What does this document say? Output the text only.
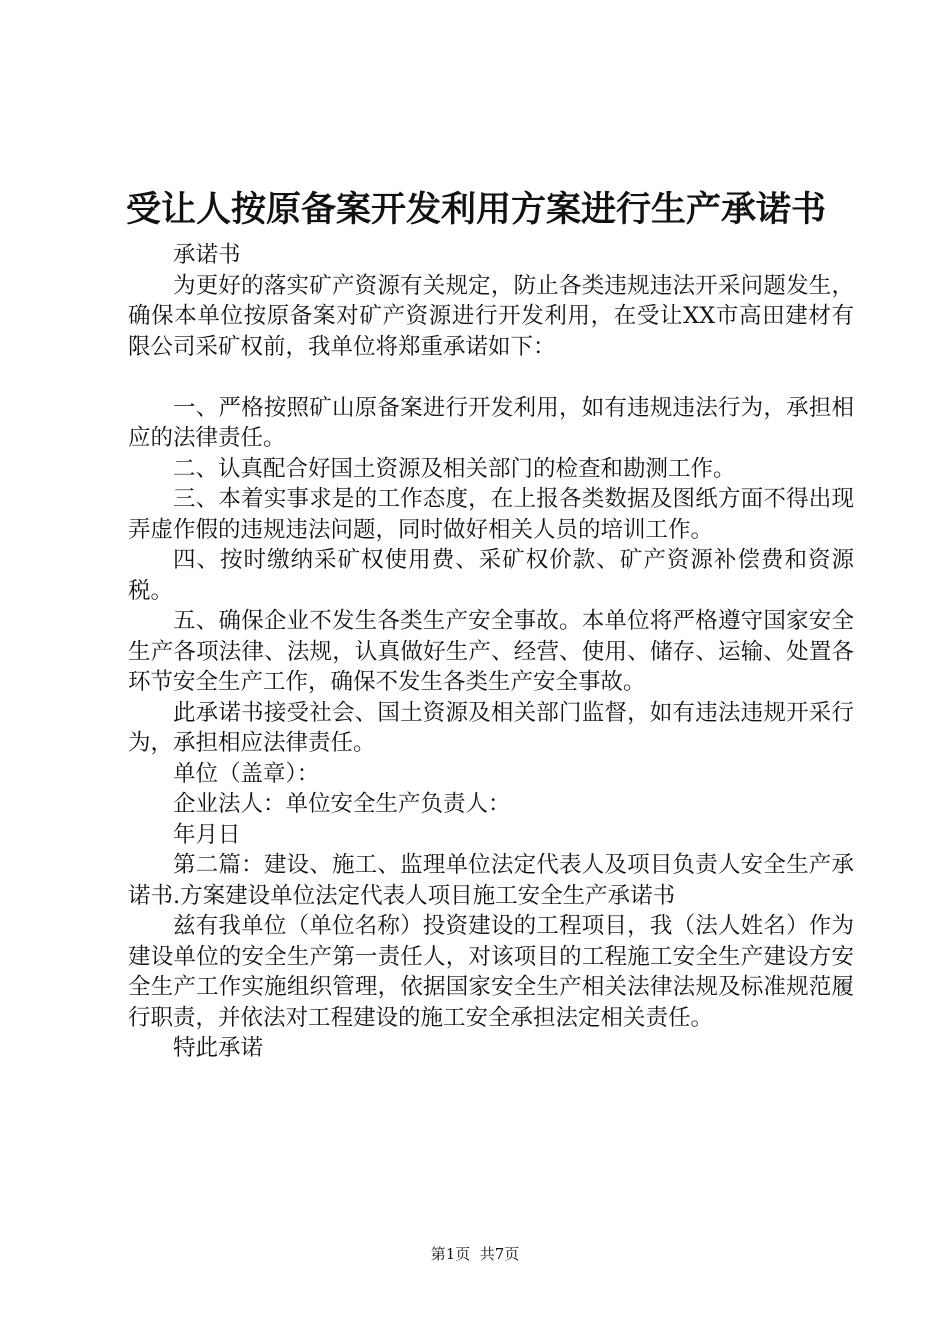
受让人按原备案开发利用方案进行生产承诺书

承诺书

为更好的落实矿产资源有关规定，防止各类违规违法开采问题发生，确保本单位按原备案对矿产资源进行开发利用，在受让XX市高田建材有限公司采矿权前，我单位将郑重承诺如下：

一、严格按照矿山原备案进行开发利用，如有违规违法行为，承担相应的法律责任。

二、认真配合好国土资源及相关部门的检查和勘测工作。

三、本着实事求是的工作态度，在上报各类数据及图纸方面不得出现弄虚作假的违规违法问题，同时做好相关人员的培训工作。

四、按时缴纳采矿权使用费、采矿权价款、矿产资源补偿费和资源税。

五、确保企业不发生各类生产安全事故。本单位将严格遵守国家安全生产各项法律、法规，认真做好生产、经营、使用、储存、运输、处置各环节安全生产工作，确保不发生各类生产安全事故。

此承诺书接受社会、国土资源及相关部门监督，如有违法违规开采行为，承担相应法律责任。

单位（盖章）：

企业法人：单位安全生产负责人：

年月日

第二篇：建设、施工、监理单位法定代表人及项目负责人安全生产承诺书.方案建设单位法定代表人项目施工安全生产承诺书

兹有我单位（单位名称）投资建设的工程项目，我（法人姓名）作为建设单位的安全生产第一责任人，对该项目的工程施工安全生产建设方安全生产工作实施组织管理，依据国家安全生产相关法律法规及标准规范履行职责，并依法对工程建设的施工安全承担法定相关责任。

特此承诺

第1页  共7页
